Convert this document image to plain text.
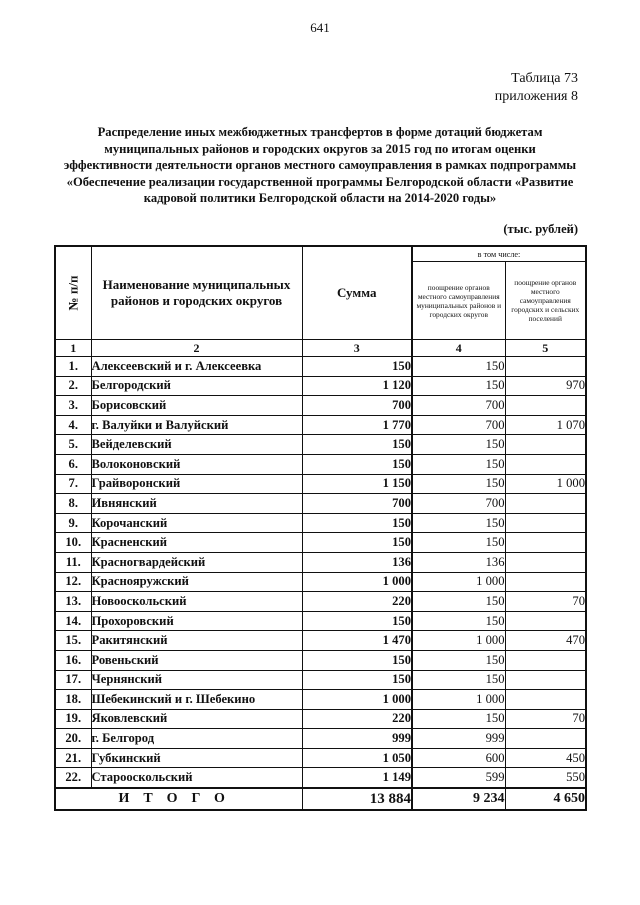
641
Таблица 73
приложения 8
Распределение иных межбюджетных трансфертов в форме дотаций бюджетам муниципальных районов и городских округов за 2015 год по итогам оценки эффективности деятельности органов местного самоуправления в рамках подпрограммы «Обеспечение реализации государственной программы Белгородской области «Развитие кадровой политики Белгородской области на 2014-2020 годы»
(тыс. рублей)
№ п/п	Наименование муниципальных районов и городских округов	Сумма	в том числе:	
			поощрение органов местного самоуправления муниципальных районов и городских округов	поощрение органов местного самоуправления городских и сельских поселений
1	2	3	4	5
1.	Алексеевский и г. Алексеевка	150	150	
2.	Белгородский	1 120	150	970
3.	Борисовский	700	700	
4.	г. Валуйки и Валуйский	1 770	700	1 070
5.	Вейделевский	150	150	
6.	Волоконовский	150	150	
7.	Грайворонский	1 150	150	1 000
8.	Ивнянский	700	700	
9.	Корочанский	150	150	
10.	Красненский	150	150	
11.	Красногвардейский	136	136	
12.	Краснояружский	1 000	1 000	
13.	Новооскольский	220	150	70
14.	Прохоровский	150	150	
15.	Ракитянский	1 470	1 000	470
16.	Ровеньский	150	150	
17.	Чернянский	150	150	
18.	Шебекинский и г. Шебекино	1 000	1 000	
19.	Яковлевский	220	150	70
20.	г. Белгород	999	999	
21.	Губкинский	1 050	600	450
22.	Старооскольский	1 149	599	550
ИТОГО		13 884	9 234	4 650
